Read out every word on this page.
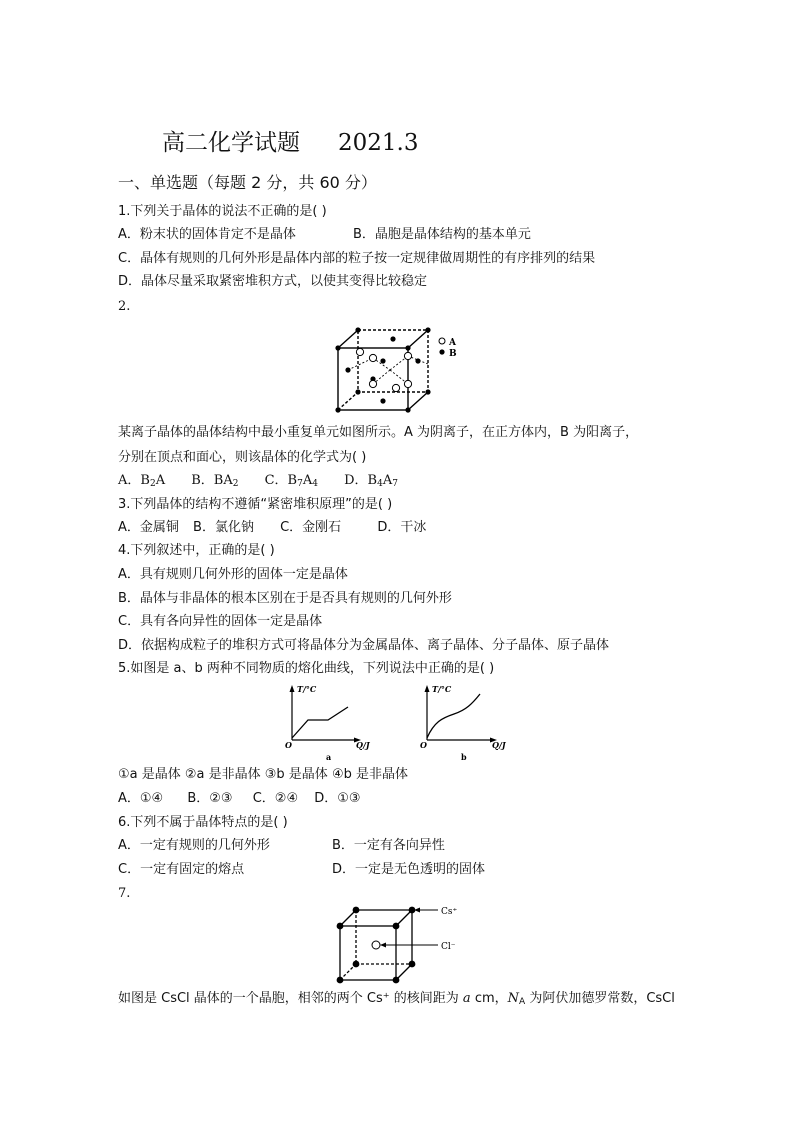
高二化学试题 2021.3
一、单选题（每题 2 分，共 60 分）
1.下列关于晶体的说法不正确的是( )
A．粉末状的固体肯定不是晶体	B．晶胞是晶体结构的基本单元
C．晶体有规则的几何外形是晶体内部的粒子按一定规律做周期性的有序排列的结果
D．晶体尽量采取紧密堆积方式，以使其变得比较稳定
2.
A
B
某离子晶体的晶体结构中最小重复单元如图所示。A 为阴离子，在正方体内，B 为阳离子，
分别在顶点和面心，则该晶体的化学式为( )
A．$B_2A$ B．$BA_2$ C．$B_7A_4$ D．$B_4A_7$
3.下列晶体的结构不遵循“紧密堆积原理”的是( )
A．金属铜 B．氯化钠 C．金刚石	D．干冰
4.下列叙述中，正确的是( )
A．具有规则几何外形的固体一定是晶体
B．晶体与非晶体的根本区别在于是否具有规则的几何外形
C．具有各向异性的固体一定是晶体
D．依据构成粒子的堆积方式可将晶体分为金属晶体、离子晶体、分子晶体、原子晶体
5.如图是 a、b 两种不同物质的熔化曲线，下列说法中正确的是( )
T/°C
O	Q/J
a
T/°C
O	Q/J
b
①a 是晶体 ②a 是非晶体 ③b 是晶体 ④b 是非晶体
A．①④ B．②③ C．②④ D．①③
6.下列不属于晶体特点的是( )
A．一定有规则的几何外形	B．一定有各向异性
C．一定有固定的熔点	D．一定是无色透明的固体
7.
Cs⁺
Cl⁻
如图是 CsCl 晶体的一个晶胞，相邻的两个 Cs⁺ 的核间距为 a cm，$N_A$ 为阿伏加德罗常数，CsCl
